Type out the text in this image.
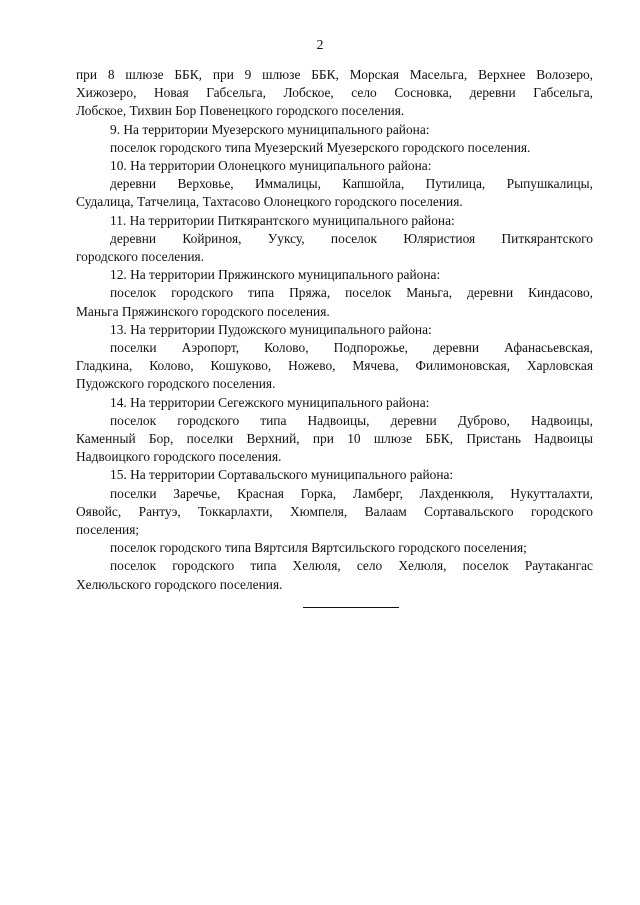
2
при 8 шлюзе ББК, при 9 шлюзе ББК, Морская Масельга, Верхнее Волозеро,
Хижозеро, Новая Габсельга, Лобское, село Сосновка, деревни Габсельга,
Лобское, Тихвин Бор Повенецкого городского поселения.
9. На территории Муезерского муниципального района:
поселок городского типа Муезерский Муезерского городского поселения.
10. На территории Олонецкого муниципального района:
деревни Верховье, Иммалицы, Капшойла, Путилица, Рыпушкалицы,
Судалица, Татчелица, Тахтасово Олонецкого городского поселения.
11. На территории Питкярантского муниципального района:
деревни Койриноя, Ууксу, поселок Юляристиоя Питкярантского
городского поселения.
12. На территории Пряжинского муниципального района:
поселок городского типа Пряжа, поселок Маньга, деревни Киндасово,
Маньга Пряжинского городского поселения.
13. На территории Пудожского муниципального района:
поселки Аэропорт, Колово, Подпорожье, деревни Афанасьевская,
Гладкина, Колово, Кошуково, Ножево, Мячева, Филимоновская, Харловская
Пудожского городского поселения.
14. На территории Сегежского муниципального района:
поселок городского типа Надвоицы, деревни Дуброво, Надвоицы,
Каменный Бор, поселки Верхний, при 10 шлюзе ББК, Пристань Надвоицы
Надвоицкого городского поселения.
15. На территории Сортавальского муниципального района:
поселки Заречье, Красная Горка, Ламберг, Лахденкюля, Нукутталахти,
Оявойс, Рантуэ, Токкарлахти, Хюмпеля, Валаам Сортавальского городского
поселения;
поселок городского типа Вяртсиля Вяртсильского городского поселения;
поселок городского типа Хелюля, село Хелюля, поселок Раутакангас
Хелюльского городского поселения.
